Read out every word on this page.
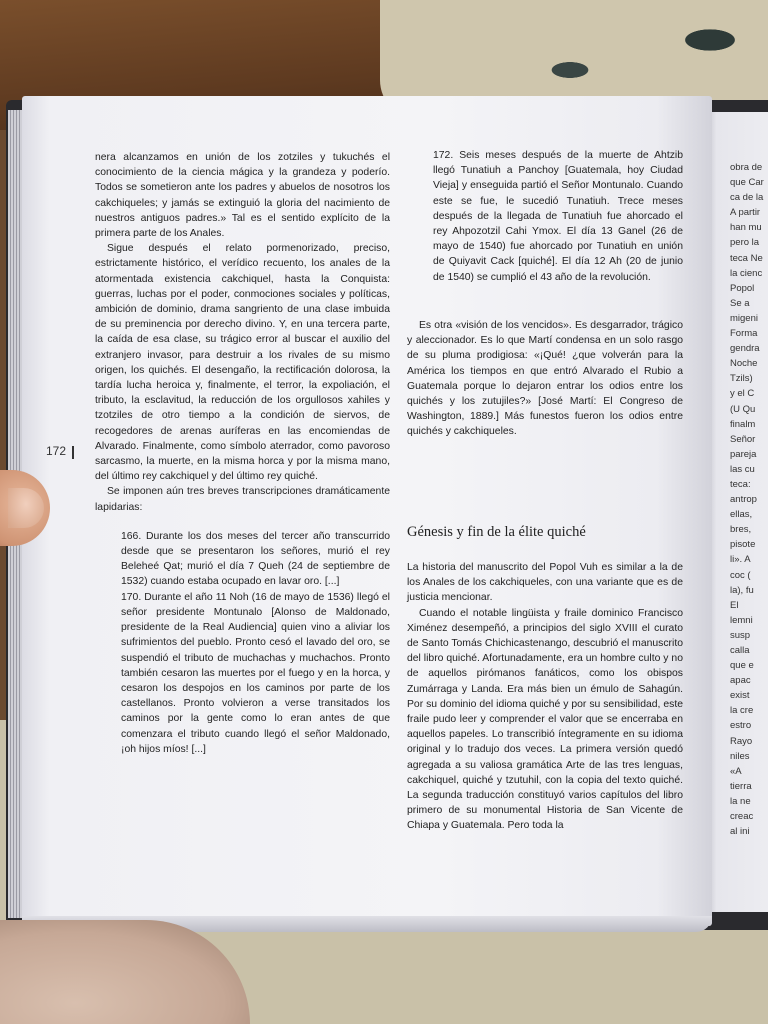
nera alcanzamos en unión de los zotziles y tukuchés el conocimiento de la ciencia mágica y la grandeza y poderío. Todos se sometieron ante los padres y abuelos de nosotros los cakchiqueles; y jamás se extinguió la gloria del nacimiento de nuestros antiguos padres.» Tal es el sentido explícito de la primera parte de los Anales.

Sigue después el relato pormenorizado, preciso, estrictamente histórico, el verídico recuento, los anales de la atormentada existencia cakchiquel, hasta la Conquista: guerras, luchas por el poder, conmociones sociales y políticas, ambición de dominio, drama sangriento de una clase imbuida de su preminencia por derecho divino. Y, en una tercera parte, la caída de esa clase, su trágico error al buscar el auxilio del extranjero invasor, para destruir a los rivales de su mismo origen, los quichés. El desengaño, la rectificación dolorosa, la tardía lucha heroica y, finalmente, el terror, la expoliación, el tributo, la esclavitud, la reducción de los orgullosos xahiles y tzotziles de otro tiempo a la condición de siervos, de recogedores de arenas auríferas en las encomiendas de Alvarado. Finalmente, como símbolo aterrador, como pavoroso sarcasmo, la muerte, en la misma horca y por la misma mano, del último rey cakchiquel y del último rey quiché.

Se imponen aún tres breves transcripciones dramáticamente lapidarias:

166. Durante los dos meses del tercer año transcurrido desde que se presentaron los señores, murió el rey Beleheé Qat; murió el día 7 Queh (24 de septiembre de 1532) cuando estaba ocupado en lavar oro. [...]

170. Durante el año 11 Noh (16 de mayo de 1536) llegó el señor presidente Montunalo [Alonso de Maldonado, presidente de la Real Audiencia] quien vino a aliviar los sufrimientos del pueblo. Pronto cesó el lavado del oro, se suspendió el tributo de muchachas y muchachos. Pronto también cesaron las muertes por el fuego y en la horca, y cesaron los despojos en los caminos por parte de los castellanos. Pronto volvieron a verse transitados los caminos por la gente como lo eran antes de que comenzara el tributo cuando llegó el señor Maldonado, ¡oh hijos míos! [...]

172
172. Seis meses después de la muerte de Ahtzib llegó Tunatiuh a Panchoy [Guatemala, hoy Ciudad Vieja] y enseguida partió el Señor Montunalo. Cuando este se fue, le sucedió Tunatiuh. Trece meses después de la llegada de Tunatiuh fue ahorcado el rey Ahpozotzil Cahi Ymox. El día 13 Ganel (26 de mayo de 1540) fue ahorcado por Tunatiuh en unión de Quiyavit Cack [quiché]. El día 12 Ah (20 de junio de 1540) se cumplió el 43 año de la revolución.
Es otra «visión de los vencidos». Es desgarrador, trágico y aleccionador. Es lo que Martí condensa en un solo rasgo de su pluma prodigiosa: «¡Qué! ¿que volverán para la América los tiempos en que entró Alvarado el Rubio a Guatemala porque lo dejaron entrar los odios entre los quichés y los zutujiles?» [José Martí: El Congreso de Washington, 1889.] Más funestos fueron los odios entre quichés y cakchiqueles.
Génesis y fin de la élite quiché

La historia del manuscrito del Popol Vuh es similar a la de los Anales de los cakchiqueles, con una variante que es de justicia mencionar.

Cuando el notable lingüista y fraile dominico Francisco Ximénez desempeñó, a principios del siglo XVIII el curato de Santo Tomás Chichicastenango, descubrió el manuscrito del libro quiché. Afortunadamente, era un hombre culto y no de aquellos pirómanos fanáticos, como los obispos Zumárraga y Landa. Era más bien un émulo de Sahagún. Por su dominio del idioma quiché y por su sensibilidad, este fraile pudo leer y comprender el valor que se encerraba en aquellos papeles. Lo transcribió íntegramente en su idioma original y lo tradujo dos veces. La primera versión quedó agregada a su valiosa gramática Arte de las tres lenguas, cakchiquel, quiché y tzutuhil, con la copia del texto quiché. La segunda traducción constituyó varios capítulos del libro primero de su monumental Historia de San Vicente de Chiapa y Guatemala. Pero toda la

obra de
que Car
ca de la
A partir
han mu
pero la
teca Ne
la cienc
Popol
Se a
migeni
Forma
gendra
Noche
Tzils)
y el C
(U Qu
finalm
Señor
pareja
las cu
teca:
antrop
ellas,
bres,
pisote
li». A
coc (
la), fu
El
lemni
susp
calla
que e
apac
exist
la cre
estro
Rayo
niles
«A
tierra
la ne
creac
al ini
